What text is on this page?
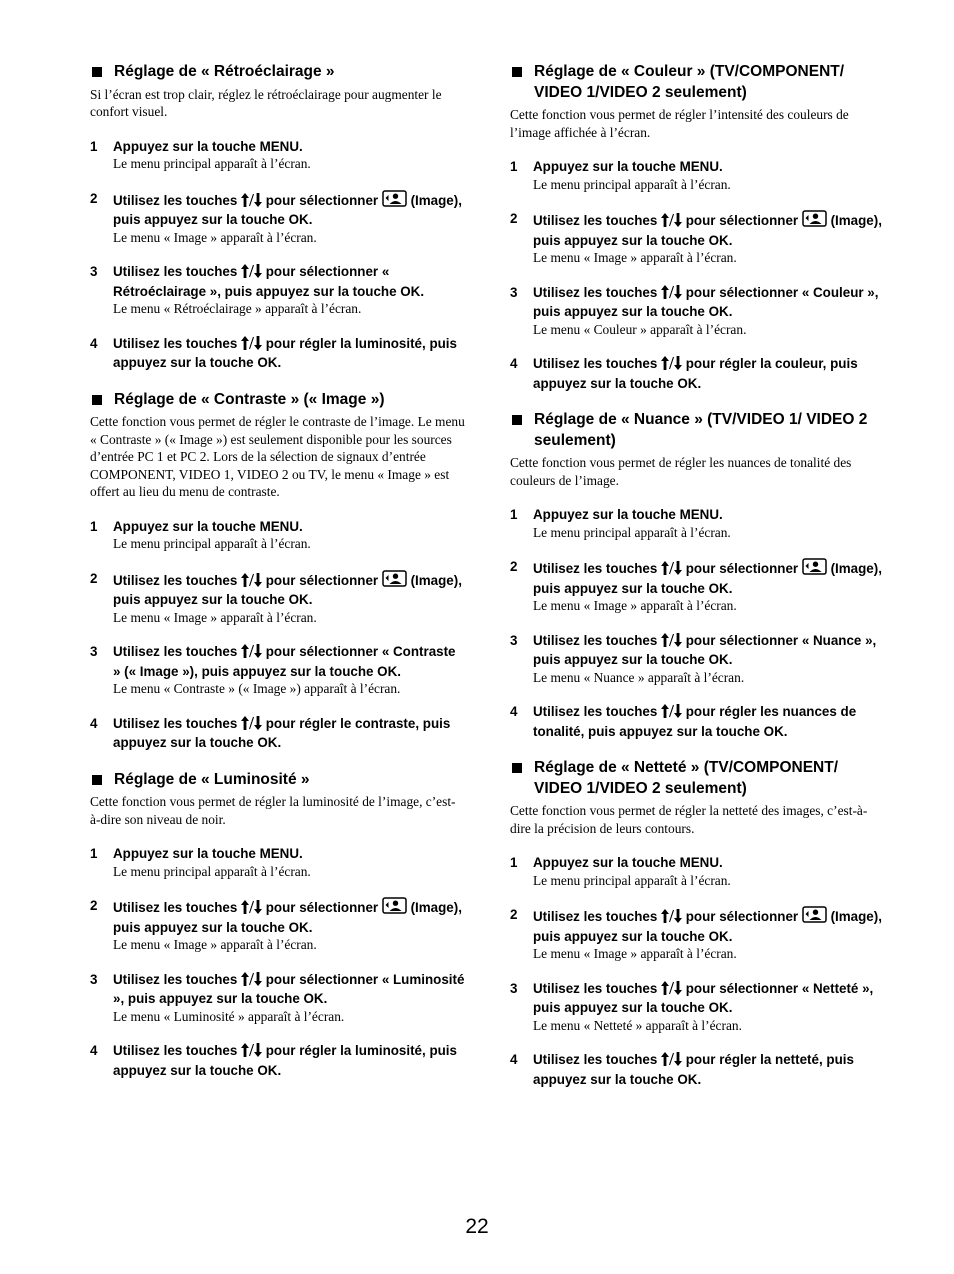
Réglage de « Rétroéclairage »
Si l’écran est trop clair, réglez le rétroéclairage pour augmenter le confort visuel.
1	Appuyez sur la touche MENU.
Le menu principal apparaît à l’écran.
2	Utilisez les touches pour sélectionner (Image), puis appuyez sur la touche OK.
Le menu « Image » apparaît à l’écran.
3	Utilisez les touches pour sélectionner « Rétroéclairage », puis appuyez sur la touche OK.
Le menu « Rétroéclairage » apparaît à l’écran.
4	Utilisez les touches pour régler la luminosité, puis appuyez sur la touche OK.
Réglage de « Contraste » (« Image »)
Cette fonction vous permet de régler le contraste de l’image. Le menu « Contraste » (« Image ») est seulement disponible pour les sources d’entrée PC 1 et PC 2. Lors de la sélection de signaux d’entrée COMPONENT, VIDEO 1, VIDEO 2 ou TV, le menu « Image » est offert au lieu du menu de contraste.
1	Appuyez sur la touche MENU.
Le menu principal apparaît à l’écran.
2	Utilisez les touches pour sélectionner (Image), puis appuyez sur la touche OK.
Le menu « Image » apparaît à l’écran.
3	Utilisez les touches pour sélectionner « Contraste » (« Image »), puis appuyez sur la touche OK.
Le menu « Contraste » (« Image ») apparaît à l’écran.
4	Utilisez les touches pour régler le contraste, puis appuyez sur la touche OK.
Réglage de « Luminosité »
Cette fonction vous permet de régler la luminosité de l’image, c’est-à-dire son niveau de noir.
1	Appuyez sur la touche MENU.
Le menu principal apparaît à l’écran.
2	Utilisez les touches pour sélectionner (Image), puis appuyez sur la touche OK.
Le menu « Image » apparaît à l’écran.
3	Utilisez les touches pour sélectionner « Luminosité », puis appuyez sur la touche OK.
Le menu « Luminosité » apparaît à l’écran.
4	Utilisez les touches pour régler la luminosité, puis appuyez sur la touche OK.
Réglage de « Couleur » (TV/COMPONENT/ VIDEO 1/VIDEO 2 seulement)
Cette fonction vous permet de régler l’intensité des couleurs de l’image affichée à l’écran.
1	Appuyez sur la touche MENU.
Le menu principal apparaît à l’écran.
2	Utilisez les touches pour sélectionner (Image), puis appuyez sur la touche OK.
Le menu « Image » apparaît à l’écran.
3	Utilisez les touches pour sélectionner « Couleur », puis appuyez sur la touche OK.
Le menu « Couleur » apparaît à l’écran.
4	Utilisez les touches pour régler la couleur, puis appuyez sur la touche OK.
Réglage de « Nuance » (TV/VIDEO 1/ VIDEO 2 seulement)
Cette fonction vous permet de régler les nuances de tonalité des couleurs de l’image.
1	Appuyez sur la touche MENU.
Le menu principal apparaît à l’écran.
2	Utilisez les touches pour sélectionner (Image), puis appuyez sur la touche OK.
Le menu « Image » apparaît à l’écran.
3	Utilisez les touches pour sélectionner « Nuance », puis appuyez sur la touche OK.
Le menu « Nuance » apparaît à l’écran.
4	Utilisez les touches pour régler les nuances de tonalité, puis appuyez sur la touche OK.
Réglage de « Netteté » (TV/COMPONENT/ VIDEO 1/VIDEO 2 seulement)
Cette fonction vous permet de régler la netteté des images, c’est-à-dire la précision de leurs contours.
1	Appuyez sur la touche MENU.
Le menu principal apparaît à l’écran.
2	Utilisez les touches pour sélectionner (Image), puis appuyez sur la touche OK.
Le menu « Image » apparaît à l’écran.
3	Utilisez les touches pour sélectionner « Netteté », puis appuyez sur la touche OK.
Le menu « Netteté » apparaît à l’écran.
4	Utilisez les touches pour régler la netteté, puis appuyez sur la touche OK.
22
